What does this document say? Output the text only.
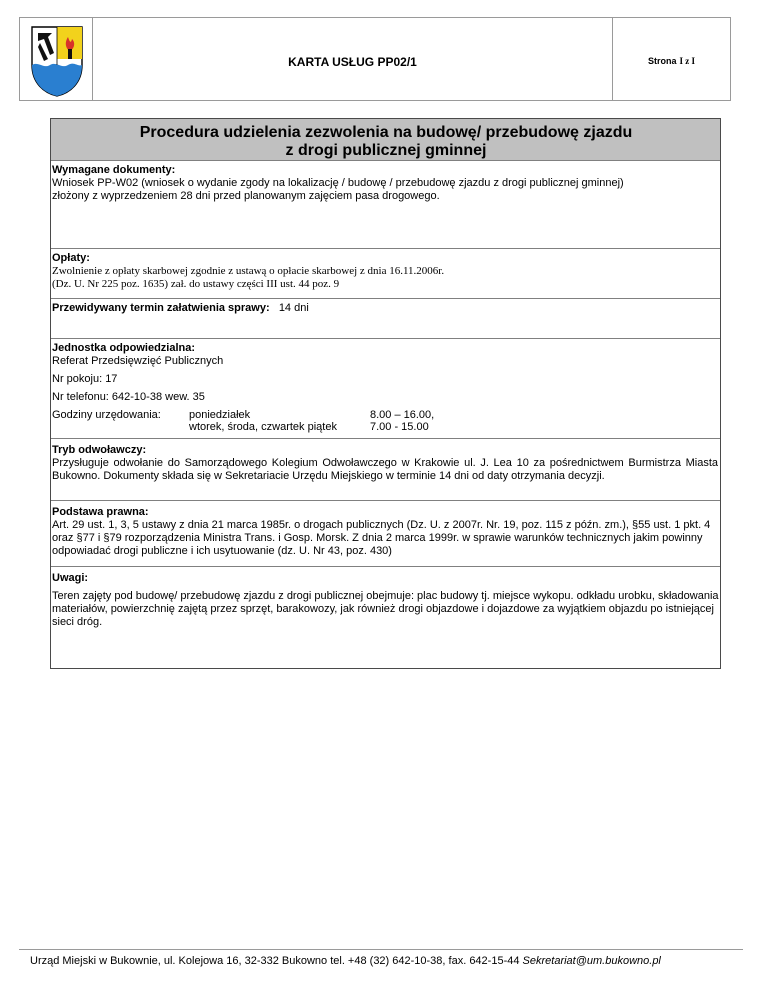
KARTA USŁUG PP02/1	Strona I z I
Procedura udzielenia zezwolenia na budowę/ przebudowę zjazdu
z drogi publicznej gminnej
Wymagane dokumenty:
Wniosek PP-W02 (wniosek o wydanie zgody na lokalizację / budowę / przebudowę zjazdu z drogi publicznej gminnej)
złożony z wyprzedzeniem 28 dni przed planowanym zajęciem pasa drogowego.
Opłaty:
Zwolnienie z opłaty skarbowej zgodnie z ustawą o opłacie skarbowej z dnia 16.11.2006r.
(Dz. U. Nr 225 poz. 1635) zał. do ustawy części III ust. 44 poz. 9
Przewidywany termin załatwienia sprawy: 14 dni
Jednostka odpowiedzialna:
Referat Przedsięwzięć Publicznych
Nr pokoju: 17
Nr telefonu: 642-10-38 wew. 35
Godziny urzędowania:	poniedziałek
wtorek, środa, czwartek piątek
8.00 – 16.00,
7.00 - 15.00
Tryb odwoławczy:
Przysługuje odwołanie do Samorządowego Kolegium Odwoławczego w Krakowie ul. J. Lea 10 za pośrednictwem Burmistrza Miasta Bukowno. Dokumenty składa się w Sekretariacie Urzędu Miejskiego w terminie 14 dni od daty otrzymania decyzji.
Podstawa prawna:
Art. 29 ust. 1, 3, 5 ustawy z dnia 21 marca 1985r. o drogach publicznych (Dz. U. z 2007r. Nr. 19, poz. 115 z późn. zm.), §55 ust. 1 pkt. 4 oraz §77 i §79 rozporządzenia Ministra Trans. i Gosp. Morsk. Z dnia 2 marca 1999r. w sprawie warunków technicznych jakim powinny odpowiadać drogi publiczne i ich usytuowanie (dz. U. Nr 43, poz. 430)
Uwagi:
Teren zajęty pod budowę/ przebudowę zjazdu z drogi publicznej obejmuje: plac budowy tj. miejsce wykopu. odkładu urobku, składowania materiałów, powierzchnię zajętą przez sprzęt, barakowozy, jak również drogi objazdowe i dojazdowe za wyjątkiem objazdu po istniejącej sieci dróg.
Urząd Miejski w Bukownie, ul. Kolejowa 16, 32-332 Bukowno tel. +48 (32) 642-10-38, fax. 642-15-44 Sekretariat@um.bukowno.pl
